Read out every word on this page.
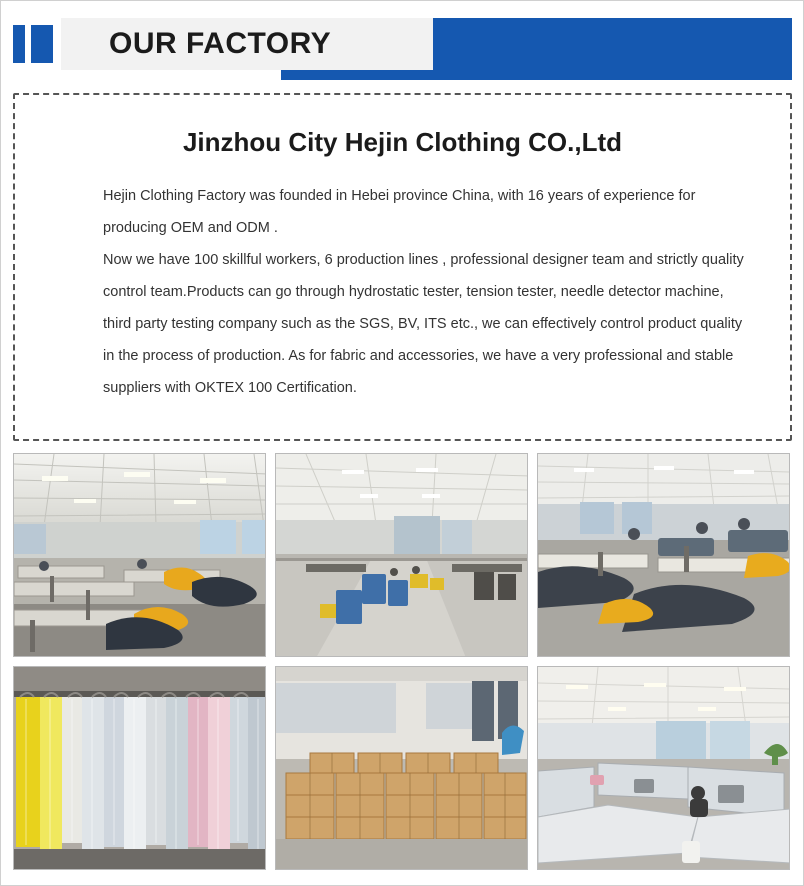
OUR FACTORY
Jinzhou City Hejin Clothing CO.,Ltd

Hejin Clothing Factory was founded in Hebei province China, with 16 years of experience for producing OEM and ODM .

Now we have 100 skillful workers, 6 production lines , professional designer team and strictly quality control team.Products can go through hydrostatic tester, tension tester, needle detector machine, third party testing company such as the SGS, BV, ITS etc., we can effectively control product quality in the process of production. As for fabric and accessories, we have a very professional and stable suppliers with OKTEX 100 Certification.
